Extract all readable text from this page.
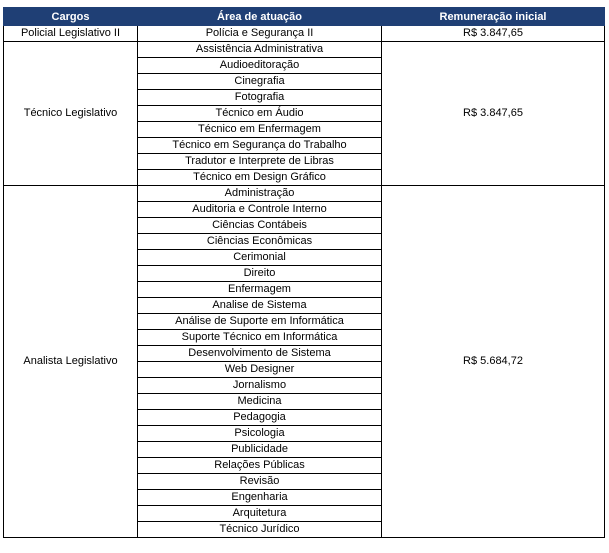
Cargos	Área de atuação	Remuneração inicial
Policial Legislativo II	Polícia e Segurança II	R$ 3.847,65
Técnico Legislativo	Assistência Administrativa	R$ 3.847,65
	Audioeditoração	
	Cinegrafia	
	Fotografia	
	Técnico em Áudio	
	Técnico em Enfermagem	
	Técnico em Segurança do Trabalho	
	Tradutor e Interprete de Libras	
	Técnico em Design Gráfico	
Analista Legislativo	Administração	R$ 5.684,72
	Auditoria e Controle Interno	
	Ciências Contábeis	
	Ciências Econômicas	
	Cerimonial	
	Direito	
	Enfermagem	
	Analise de Sistema	
	Análise de Suporte em Informática	
	Suporte Técnico em Informática	
	Desenvolvimento de Sistema	
	Web Designer	
	Jornalismo	
	Medicina	
	Pedagogia	
	Psicologia	
	Publicidade	
	Relações Públicas	
	Revisão	
	Engenharia	
	Arquitetura	
	Técnico Jurídico	
